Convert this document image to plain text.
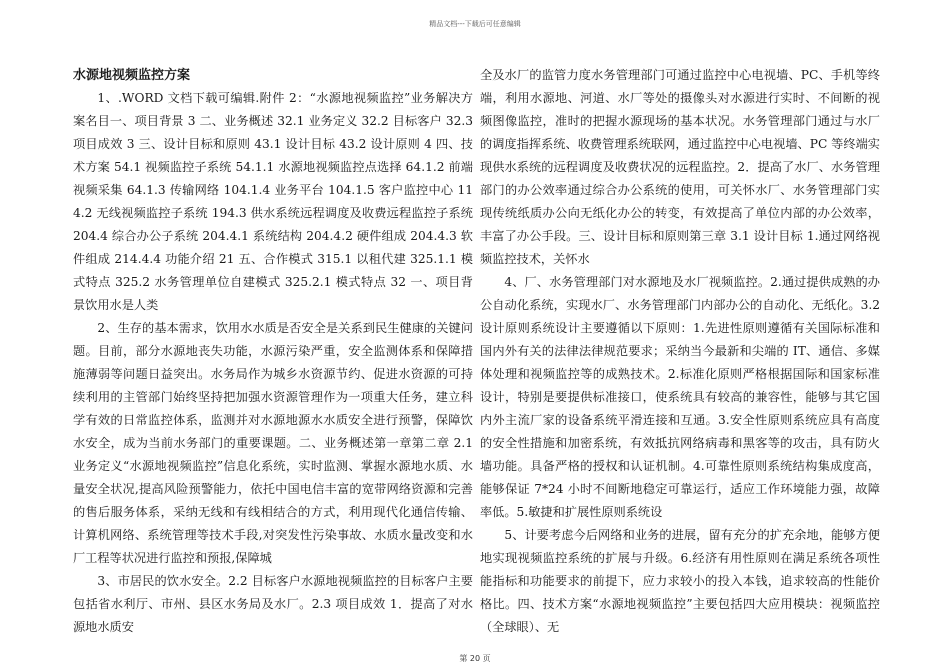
精品文档---下载后可任意编辑
水源地视频监控方案

1、.WORD 文档下载可编辑.附件 2：“水源地视频监控”业务解决方案名目一、项目背景 3 二、业务概述 32.1 业务定义 32.2 目标客户 32.3 项目成效 3 三、设计目标和原则 43.1 设计目标 43.2 设计原则 4 四、技术方案 54.1 视频监控子系统 54.1.1 水源地视频监控点选择 64.1.2 前端视频采集 64.1.3 传输网络 104.1.4 业务平台 104.1.5 客户监控中心 114.2 无线视频监控子系统 194.3 供水系统远程调度及收费远程监控子系统 204.4 综合办公子系统 204.4.1 系统结构 204.4.2 硬件组成 204.4.3 软件组成 214.4.4 功能介绍 21 五、合作模式 315.1 以租代建 325.1.1 模式特点 325.2 水务管理单位自建模式 325.2.1 模式特点 32 一、项目背景饮用水是人类

2、生存的基本需求，饮用水水质是否安全是关系到民生健康的关键问题。目前，部分水源地丧失功能，水源污染严重，安全监测体系和保障措施薄弱等问题日益突出。水务局作为城乡水资源节约、促进水资源的可持续利用的主管部门始终坚持把加强水资源管理作为一项重大任务，建立科学有效的日常监控体系，监测并对水源地源水水质安全进行预警，保障饮水安全，成为当前水务部门的重要课题。二、业务概述第一章第二章 2.1 业务定义“水源地视频监控”信息化系统，实时监测、掌握水源地水质、水量安全状况,提高风险预警能力，依托中国电信丰富的宽带网络资源和完善的售后服务体系，采纳无线和有线相结合的方式，利用现代化通信传输、计算机网络、系统管理等技术手段,对突发性污染事故、水质水量改变和水厂工程等状况进行监控和预报,保障城

3、市居民的饮水安全。2.2 目标客户水源地视频监控的目标客户主要包括省水利厅、市州、县区水务局及水厂。2.3 项目成效 1．提高了对水源地水质安

全及水厂的监管力度水务管理部门可通过监控中心电视墙、PC、手机等终端，利用水源地、河道、水厂等处的摄像头对水源进行实时、不间断的视频图像监控，准时的把握水源现场的基本状况。水务管理部门通过与水厂的调度指挥系统、收费管理系统联网，通过监控中心电视墙、PC 等终端实现供水系统的远程调度及收费状况的远程监控。2．提高了水厂、水务管理部门的办公效率通过综合办公系统的使用，可关怀水厂、水务管理部门实现传统纸质办公向无纸化办公的转变，有效提高了单位内部的办公效率，丰富了办公手段。三、设计目标和原则第三章 3.1 设计目标 1.通过网络视频监控技术，关怀水

4、厂、水务管理部门对水源地及水厂视频监控。2.通过提供成熟的办公自动化系统，实现水厂、水务管理部门内部办公的自动化、无纸化。3.2 设计原则系统设计主要遵循以下原则：1.先进性原则遵循有关国际标准和国内外有关的法律法律规范要求；采纳当今最新和尖端的 IT、通信、多媒体处理和视频监控等的成熟技术。2.标准化原则严格根据国际和国家标准设计，特别是要提供标准接口，使系统具有较高的兼容性，能够与其它国内外主流厂家的设备系统平滑连接和互通。3.安全性原则系统应具有高度的安全性措施和加密系统，有效抵抗网络病毒和黑客等的攻击，具有防火墙功能。具备严格的授权和认证机制。4.可靠性原则系统结构集成度高，能够保证 7*24 小时不间断地稳定可靠运行，适应工作环境能力强，故障率低。5.敏捷和扩展性原则系统设

5、计要考虑今后网络和业务的进展，留有充分的扩充余地，能够方便地实现视频监控系统的扩展与升级。6.经济有用性原则在满足系统各项性能指标和功能要求的前提下，应力求较小的投入本钱，追求较高的性能价格比。四、技术方案“水源地视频监控”主要包括四大应用模块：视频监控（全球眼）、无

第 20 页
